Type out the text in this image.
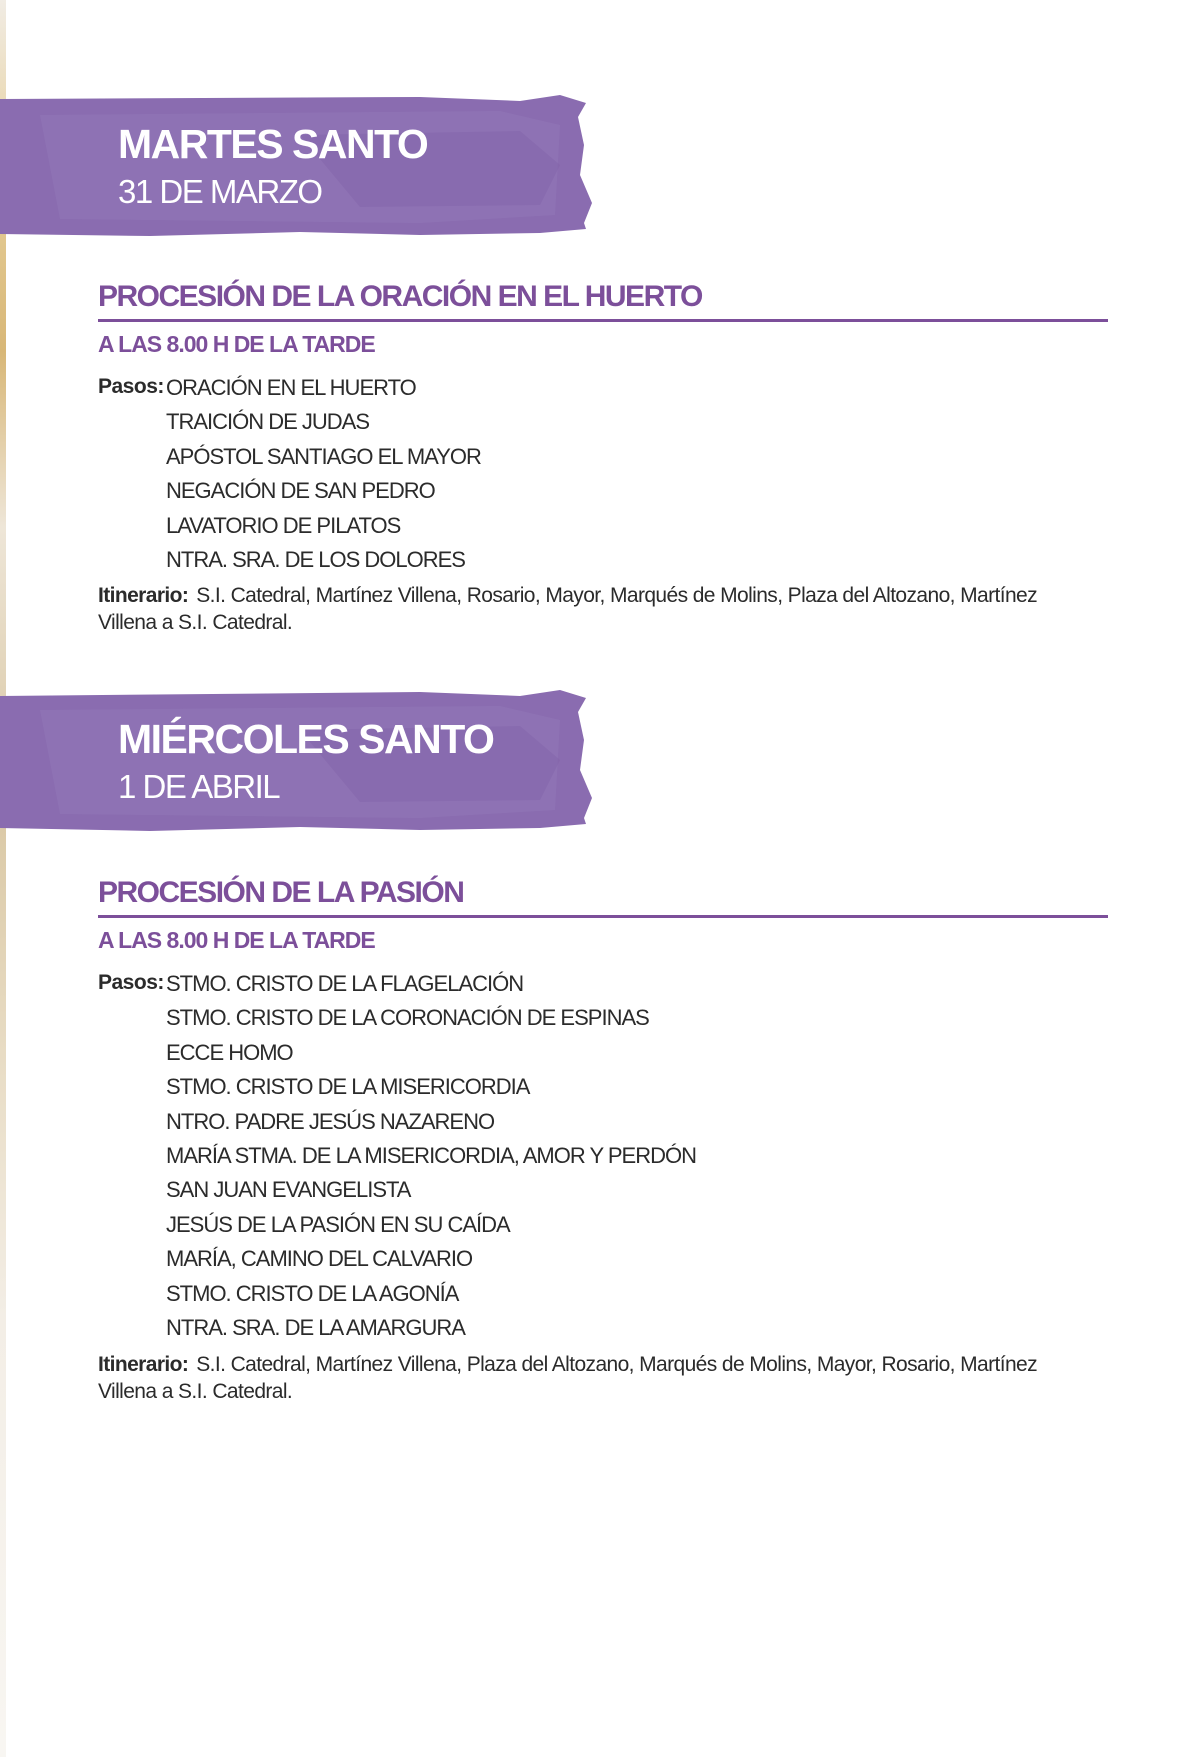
MARTES SANTO
31 DE MARZO
PROCESIÓN DE LA ORACIÓN EN EL HUERTO
A LAS 8.00 H DE LA TARDE
Pasos: ORACIÓN EN EL HUERTO
TRAICIÓN DE JUDAS
APÓSTOL SANTIAGO EL MAYOR
NEGACIÓN DE SAN PEDRO
LAVATORIO DE PILATOS
NTRA. SRA. DE LOS DOLORES
Itinerario: S.I. Catedral, Martínez Villena, Rosario, Mayor, Marqués de Molins, Plaza del Altozano, Martínez Villena a S.I. Catedral.
MIÉRCOLES SANTO
1 DE ABRIL
PROCESIÓN DE LA PASIÓN
A LAS 8.00 H DE LA TARDE
Pasos: STMO. CRISTO DE LA FLAGELACIÓN
STMO. CRISTO DE LA CORONACIÓN DE ESPINAS
ECCE HOMO
STMO. CRISTO DE LA MISERICORDIA
NTRO. PADRE JESÚS NAZARENO
MARÍA STMA. DE LA MISERICORDIA, AMOR Y PERDÓN
SAN JUAN EVANGELISTA
JESÚS DE LA PASIÓN EN SU CAÍDA
MARÍA, CAMINO DEL CALVARIO
STMO. CRISTO DE LA AGONÍA
NTRA. SRA. DE LA AMARGURA
Itinerario: S.I. Catedral, Martínez Villena, Plaza del Altozano, Marqués de Molins, Mayor, Rosario, Martínez Villena a S.I. Catedral.
